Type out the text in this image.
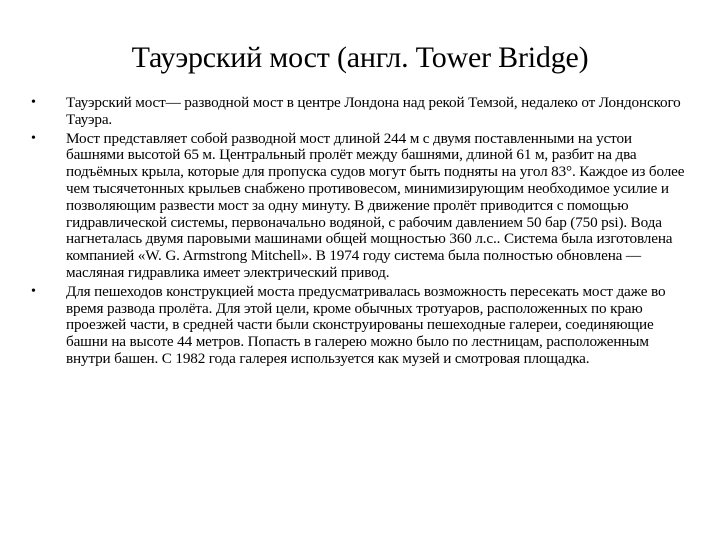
Тауэрский мост (англ. Tower Bridge)
• Тауэрский мост— разводной мост в центре Лондона над рекой Темзой, недалеко от Лондонского Тауэра.
• Мост представляет собой разводной мост длиной 244 м с двумя поставленными на устои башнями высотой 65 м. Центральный пролёт между башнями, длиной 61 м, разбит на два подъёмных крыла, которые для пропуска судов могут быть подняты на угол 83°. Каждое из более чем тысячетонных крыльев снабжено противовесом, минимизирующим необходимое усилие и позволяющим развести мост за одну минуту. В движение пролёт приводится с помощью гидравлической системы, первоначально водяной, с рабочим давлением 50 бар (750 psi). Вода нагнеталась двумя паровыми машинами общей мощностью 360 л.с.. Система была изготовлена компанией «W. G. Armstrong Mitchell». В 1974 году система была полностью обновлена — масляная гидравлика имеет электрический привод.
• Для пешеходов конструкцией моста предусматривалась возможность пересекать мост даже во время развода пролёта. Для этой цели, кроме обычных тротуаров, расположенных по краю проезжей части, в средней части были сконструированы пешеходные галереи, соединяющие башни на высоте 44 метров. Попасть в галерею можно было по лестницам, расположенным внутри башен. С 1982 года галерея используется как музей и смотровая площадка.
